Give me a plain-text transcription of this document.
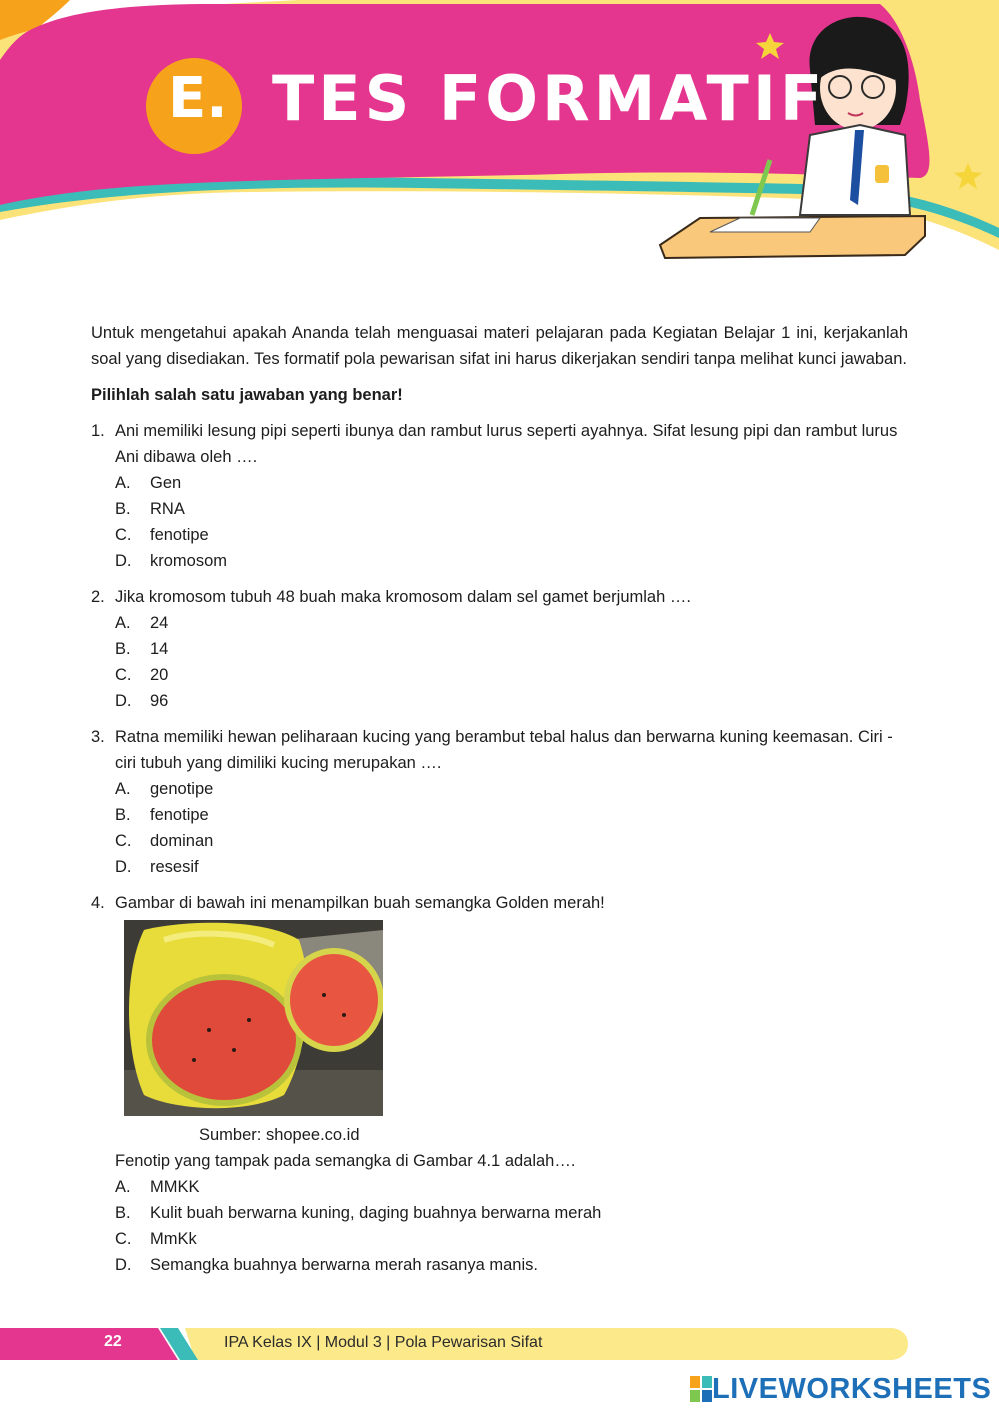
E. TES FORMATIF

Untuk mengetahui apakah Ananda telah menguasai materi pelajaran pada Kegiatan Belajar 1 ini, kerjakanlah soal yang disediakan. Tes formatif pola pewarisan sifat ini harus dikerjakan sendiri tanpa melihat kunci jawaban.

Pilihlah salah satu jawaban yang benar!

1. Ani memiliki lesung pipi seperti ibunya dan rambut lurus seperti ayahnya. Sifat lesung pipi dan rambut lurus Ani dibawa oleh ….
A.	Gen
B.	RNA
C.	fenotipe
D.	kromosom
2. Jika kromosom tubuh 48 buah maka kromosom dalam sel gamet berjumlah ….
A.	24
B.	14
C.	20
D.	96
3. Ratna memiliki hewan peliharaan kucing yang berambut tebal halus dan berwarna kuning keemasan. Ciri - ciri tubuh yang dimiliki kucing merupakan ….
A.	genotipe
B.	fenotipe
C.	dominan
D.	resesif
4. Gambar di bawah ini menampilkan buah semangka Golden merah!
Sumber: shopee.co.id
Fenotip yang tampak pada semangka di Gambar 4.1 adalah….
A.	MMKK
B.	Kulit buah berwarna kuning, daging buahnya berwarna merah
C.	MmKk
D.	Semangka buahnya berwarna merah rasanya manis.
22	IPA Kelas IX | Modul 3 | Pola Pewarisan Sifat
LIVEWORKSHEETS
